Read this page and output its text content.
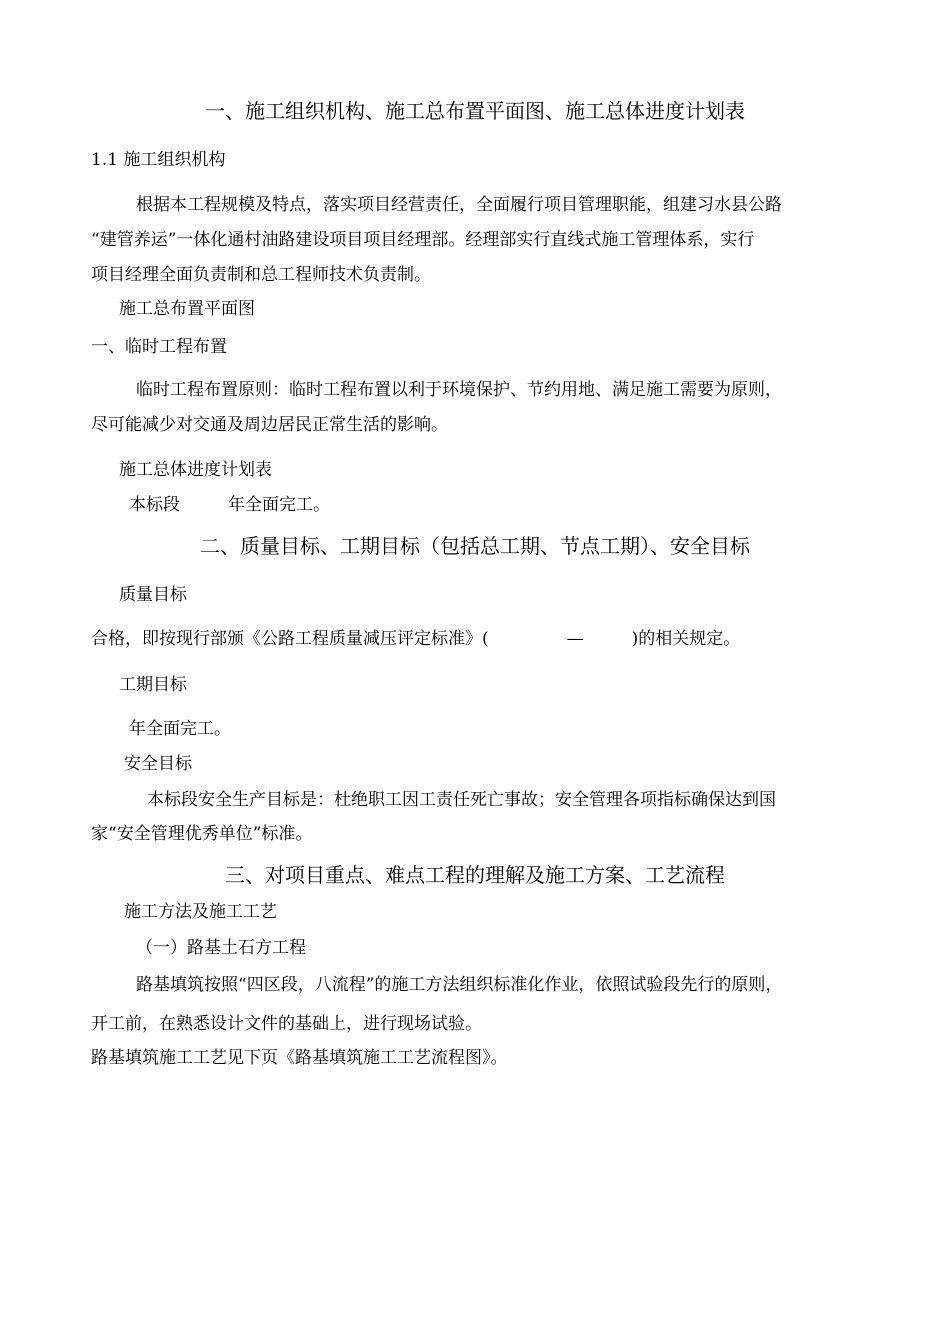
一、施工组织机构、施工总布置平面图、施工总体进度计划表
1.1 施工组织机构
根据本工程规模及特点，落实项目经营责任，全面履行项目管理职能，组建习水县公路
“建管养运”一体化通村油路建设项目项目经理部。经理部实行直线式施工管理体系，实行
项目经理全面负责制和总工程师技术负责制。
施工总布置平面图
一、临时工程布置
临时工程布置原则：临时工程布置以利于环境保护、节约用地、满足施工需要为原则，
尽可能减少对交通及周边居民正常生活的影响。
施工总体进度计划表
本标段	年全面完工。
二、质量目标、工期目标（包括总工期、节点工期）、安全目标
质量目标
合格，即按现行部颁《公路工程质量减压评定标准》(	—	)的相关规定。
工期目标
年全面完工。
安全目标
本标段安全生产目标是：杜绝职工因工责任死亡事故；安全管理各项指标确保达到国
家“安全管理优秀单位”标准。
三、对项目重点、难点工程的理解及施工方案、工艺流程
施工方法及施工工艺
（一）路基土石方工程
路基填筑按照“四区段，八流程”的施工方法组织标准化作业，依照试验段先行的原则，
开工前，在熟悉设计文件的基础上，进行现场试验。
路基填筑施工工艺见下页《路基填筑施工工艺流程图》。
